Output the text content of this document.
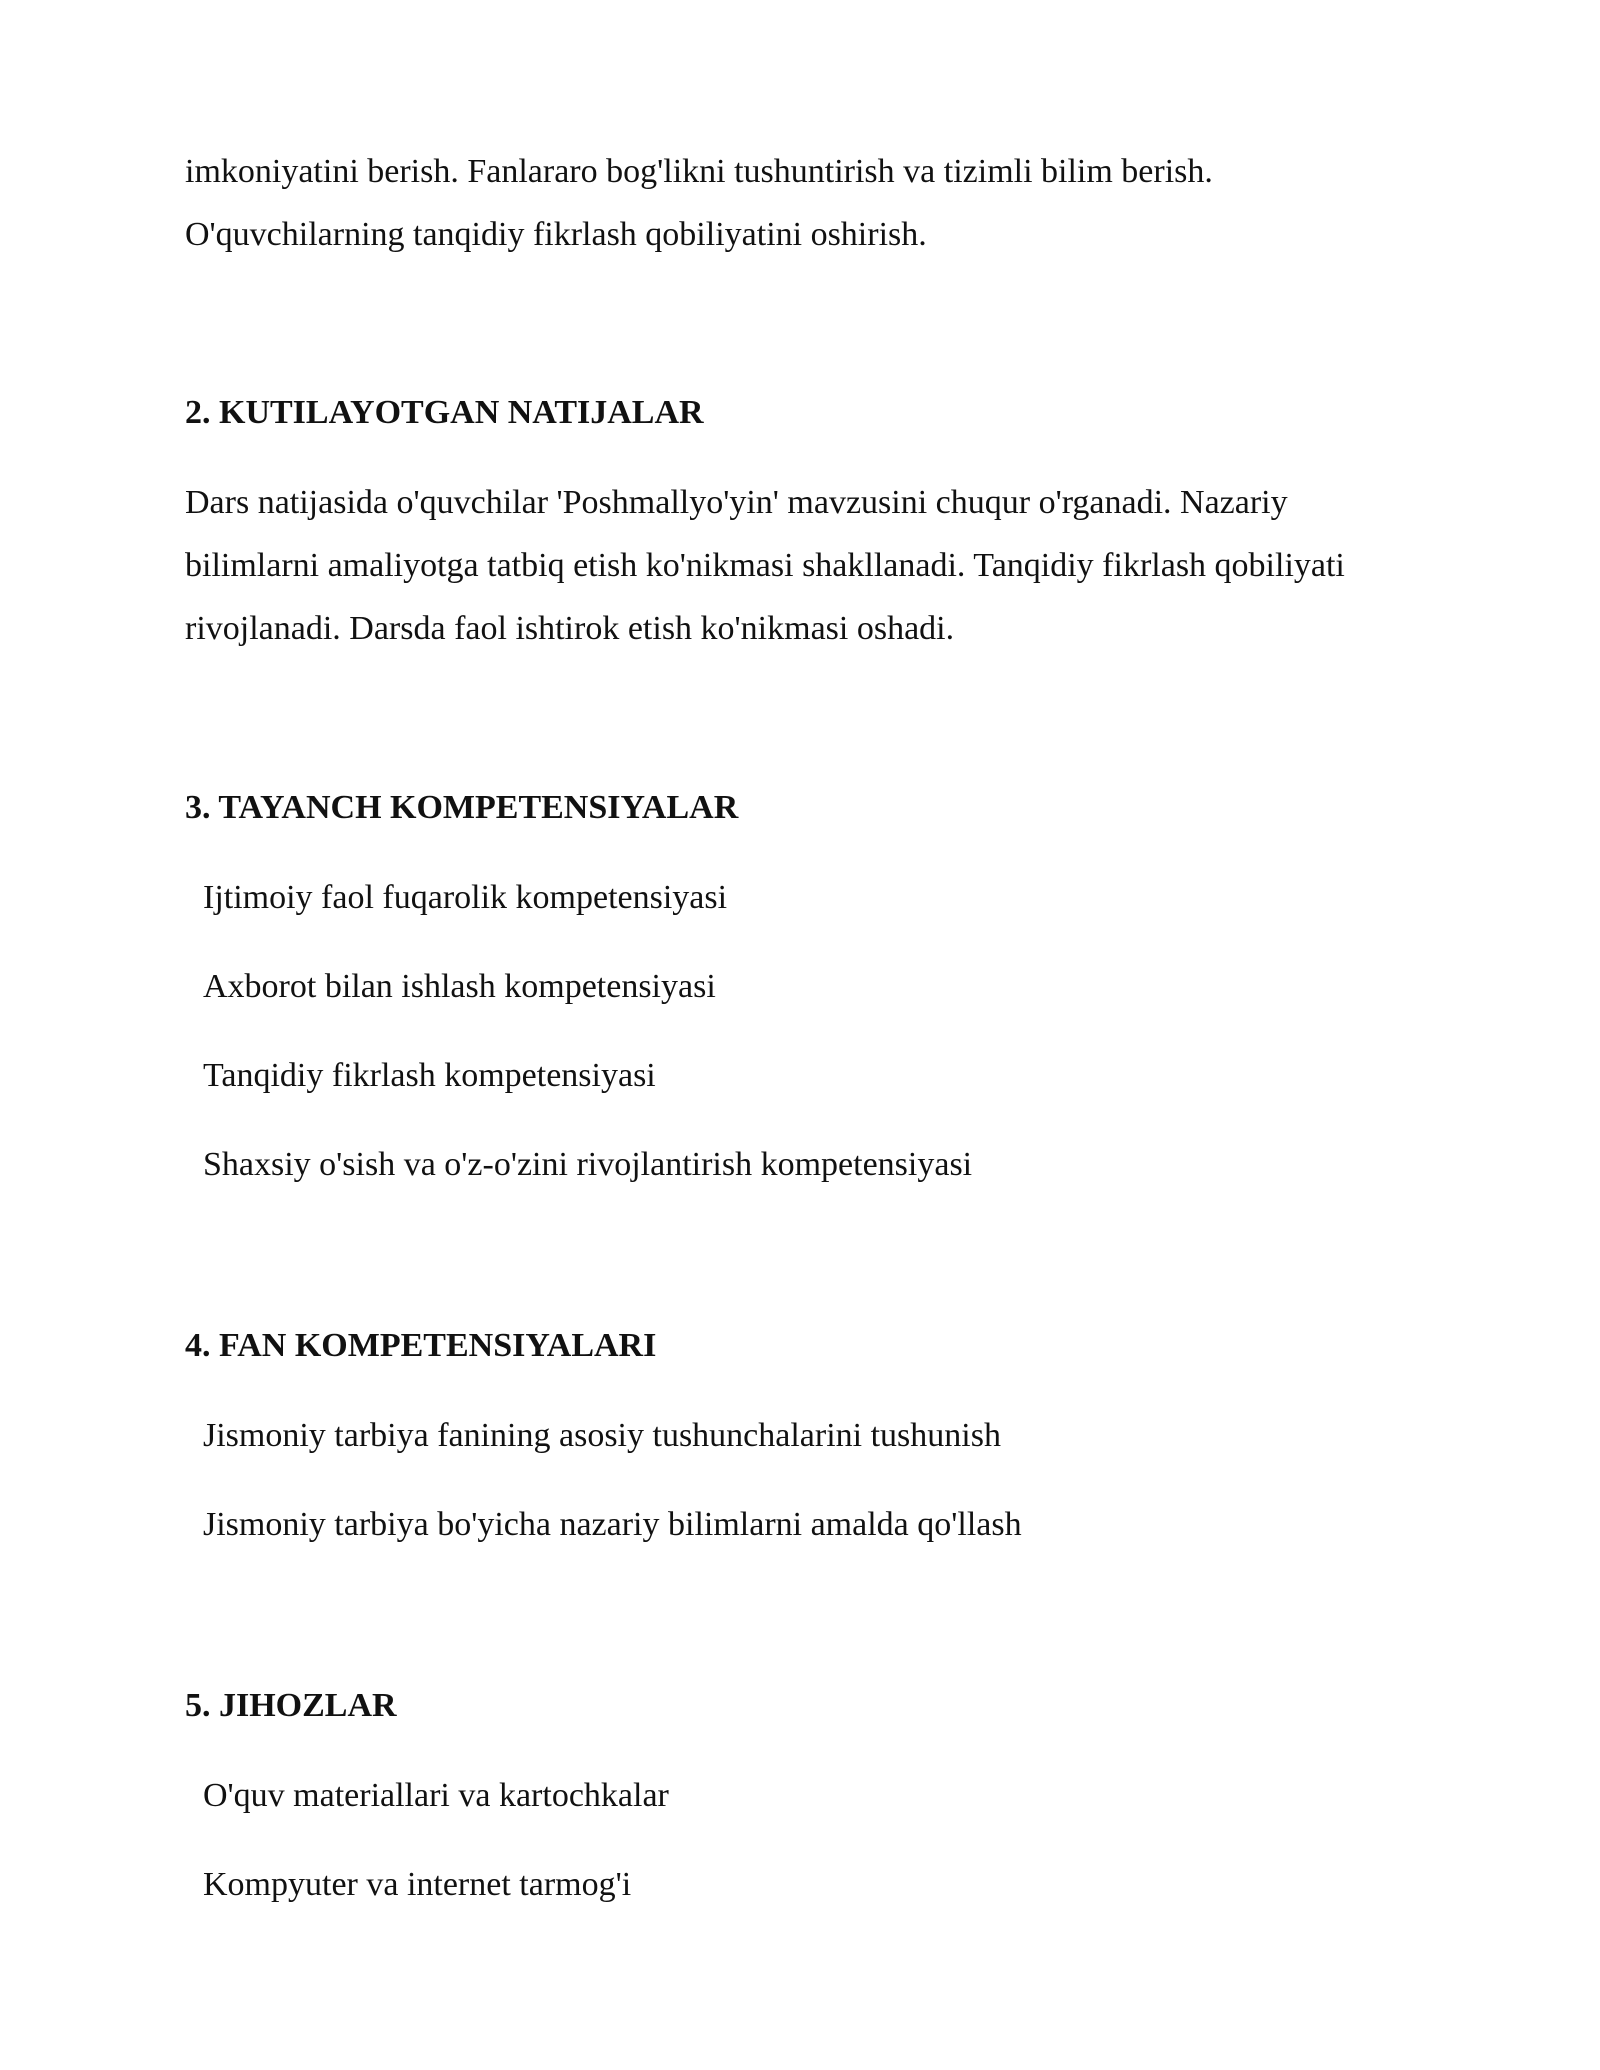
imkoniyatini berish. Fanlararo bog'likni tushuntirish va tizimli bilim berish. O'quvchilarning tanqidiy fikrlash qobiliyatini oshirish.

2. KUTILAYOTGAN NATIJALAR

Dars natijasida o'quvchilar 'Poshmallyo'yin' mavzusini chuqur o'rganadi. Nazariy bilimlarni amaliyotga tatbiq etish ko'nikmasi shakllanadi. Tanqidiy fikrlash qobiliyati rivojlanadi. Darsda faol ishtirok etish ko'nikmasi oshadi.

3. TAYANCH KOMPETENSIYALAR
Ijtimoiy faol fuqarolik kompetensiyasi
Axborot bilan ishlash kompetensiyasi
Tanqidiy fikrlash kompetensiyasi
Shaxsiy o'sish va o'z-o'zini rivojlantirish kompetensiyasi
4. FAN KOMPETENSIYALARI
Jismoniy tarbiya fanining asosiy tushunchalarini tushunish
Jismoniy tarbiya bo'yicha nazariy bilimlarni amalda qo'llash
5. JIHOZLAR
O'quv materiallari va kartochkalar
Kompyuter va internet tarmog'i
